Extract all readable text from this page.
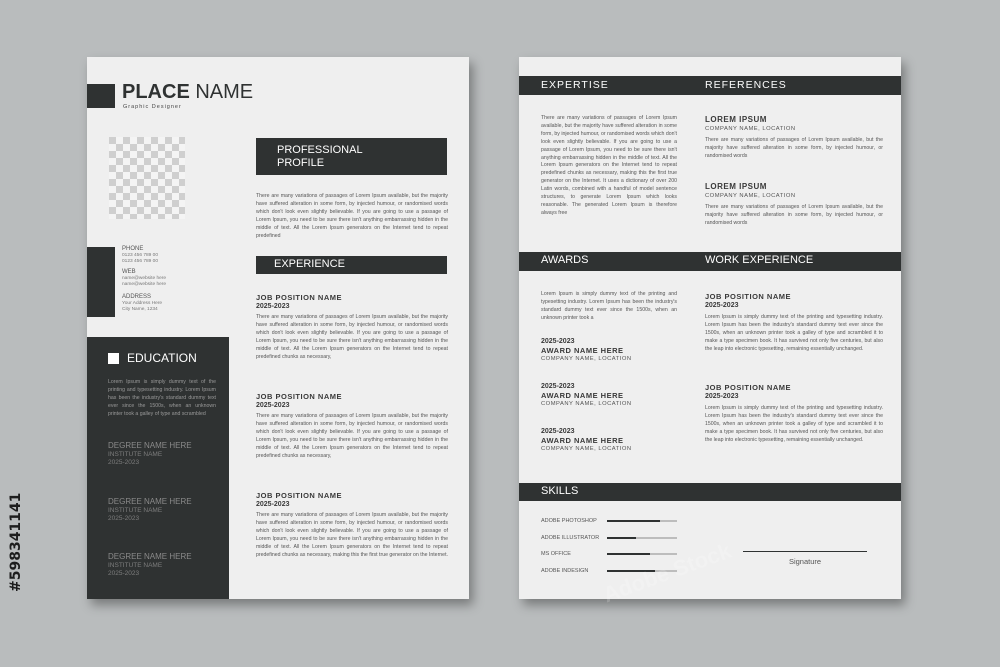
PLACE NAME
Graphic Designer
PHONE
0123 456 789 00
0123 456 789 00
WEB
name@website here
name@website here
ADDRESS
Your Address Here
City Name, 1234
EDUCATION
Lorem Ipsum is simply dummy text of the printing and typesetting industry. Lorem Ipsum has been the industry's standard dummy text ever since the 1500s, when an unknown printer took a galley of type and scrambled
DEGREE NAME HERE
INSTITUTE NAME
2025-2023
DEGREE NAME HERE
INSTITUTE NAME
2025-2023
DEGREE NAME HERE
INSTITUTE NAME
2025-2023
PROFESSIONAL
PROFILE
There are many variations of passages of Lorem Ipsum available, but the majority have suffered alteration in some form, by injected humour, or randomised words which don't look even slightly believable. If you are going to use a passage of Lorem Ipsum, you need to be sure there isn't anything embarrassing hidden in the middle of text. All the Lorem Ipsum generators on the Internet tend to repeat predefined
EXPERIENCE
JOB POSITION NAME
2025-2023
There are many variations of passages of Lorem Ipsum available, but the majority have suffered alteration in some form, by injected humour, or randomised words which don't look even slightly believable. If you are going to use a passage of Lorem Ipsum, you need to be sure there isn't anything embarrassing hidden in the middle of text. All the Lorem Ipsum generators on the Internet tend to repeat predefined chunks as necessary,
JOB POSITION NAME
2025-2023
There are many variations of passages of Lorem Ipsum available, but the majority have suffered alteration in some form, by injected humour, or randomised words which don't look even slightly believable. If you are going to use a passage of Lorem Ipsum, you need to be sure there isn't anything embarrassing hidden in the middle of text. All the Lorem Ipsum generators on the Internet tend to repeat predefined chunks as necessary,
JOB POSITION NAME
2025-2023
There are many variations of passages of Lorem Ipsum available, but the majority have suffered alteration in some form, by injected humour, or randomised words which don't look even slightly believable. If you are going to use a passage of Lorem Ipsum, you need to be sure there isn't anything embarrassing hidden in the middle of text. All the Lorem Ipsum generators on the Internet tend to repeat predefined chunks as necessary, making this the first true generator on the Internet.
EXPERTISE	REFERENCES
There are many variations of passages of Lorem Ipsum available, but the majority have suffered alteration in some form, by injected humour, or randomised words which don't look even slightly believable. If you are going to use a passage of Lorem Ipsum, you need to be sure there isn't anything embarrassing hidden in the middle of text. All the Lorem Ipsum generators on the Internet tend to repeat predefined chunks as necessary, making this the first true generator on the Internet. It uses a dictionary of over 200 Latin words, combined with a handful of model sentence structures, to generate Lorem Ipsum which looks reasonable. The generated Lorem Ipsum is therefore always free
LOREM IPSUM
COMPANY NAME, LOCATION
There are many variations of passages of Lorem Ipsum available, but the majority have suffered alteration in some form, by injected humour, or randomised words
LOREM IPSUM
COMPANY NAME, LOCATION
There are many variations of passages of Lorem Ipsum available, but the majority have suffered alteration in some form, by injected humour, or randomised words
AWARDS	WORK EXPERIENCE
Lorem Ipsum is simply dummy text of the printing and typesetting industry. Lorem Ipsum has been the industry's standard dummy text ever since the 1500s, when an unknown printer took a
2025-2023
AWARD NAME HERE
COMPANY NAME, LOCATION
2025-2023
AWARD NAME HERE
COMPANY NAME, LOCATION
2025-2023
AWARD NAME HERE
COMPANY NAME, LOCATION
JOB POSITION NAME
2025-2023
Lorem Ipsum is simply dummy text of the printing and typesetting industry. Lorem Ipsum has been the industry's standard dummy text ever since the 1500s, when an unknown printer took a galley of type and scrambled it to make a type specimen book. It has survived not only five centuries, but also the leap into electronic typesetting, remaining essentially unchanged.
JOB POSITION NAME
2025-2023
Lorem Ipsum is simply dummy text of the printing and typesetting industry. Lorem Ipsum has been the industry's standard dummy text ever since the 1500s, when an unknown printer took a galley of type and scrambled it to make a type specimen book. It has survived not only five centuries, but also the leap into electronic typesetting, remaining essentially unchanged.
SKILLS
ADOBE PHOTOSHOP
ADOBE ILLUSTRATOR
MS OFFICE
ADOBE INDESIGN
Signature
#598341141
